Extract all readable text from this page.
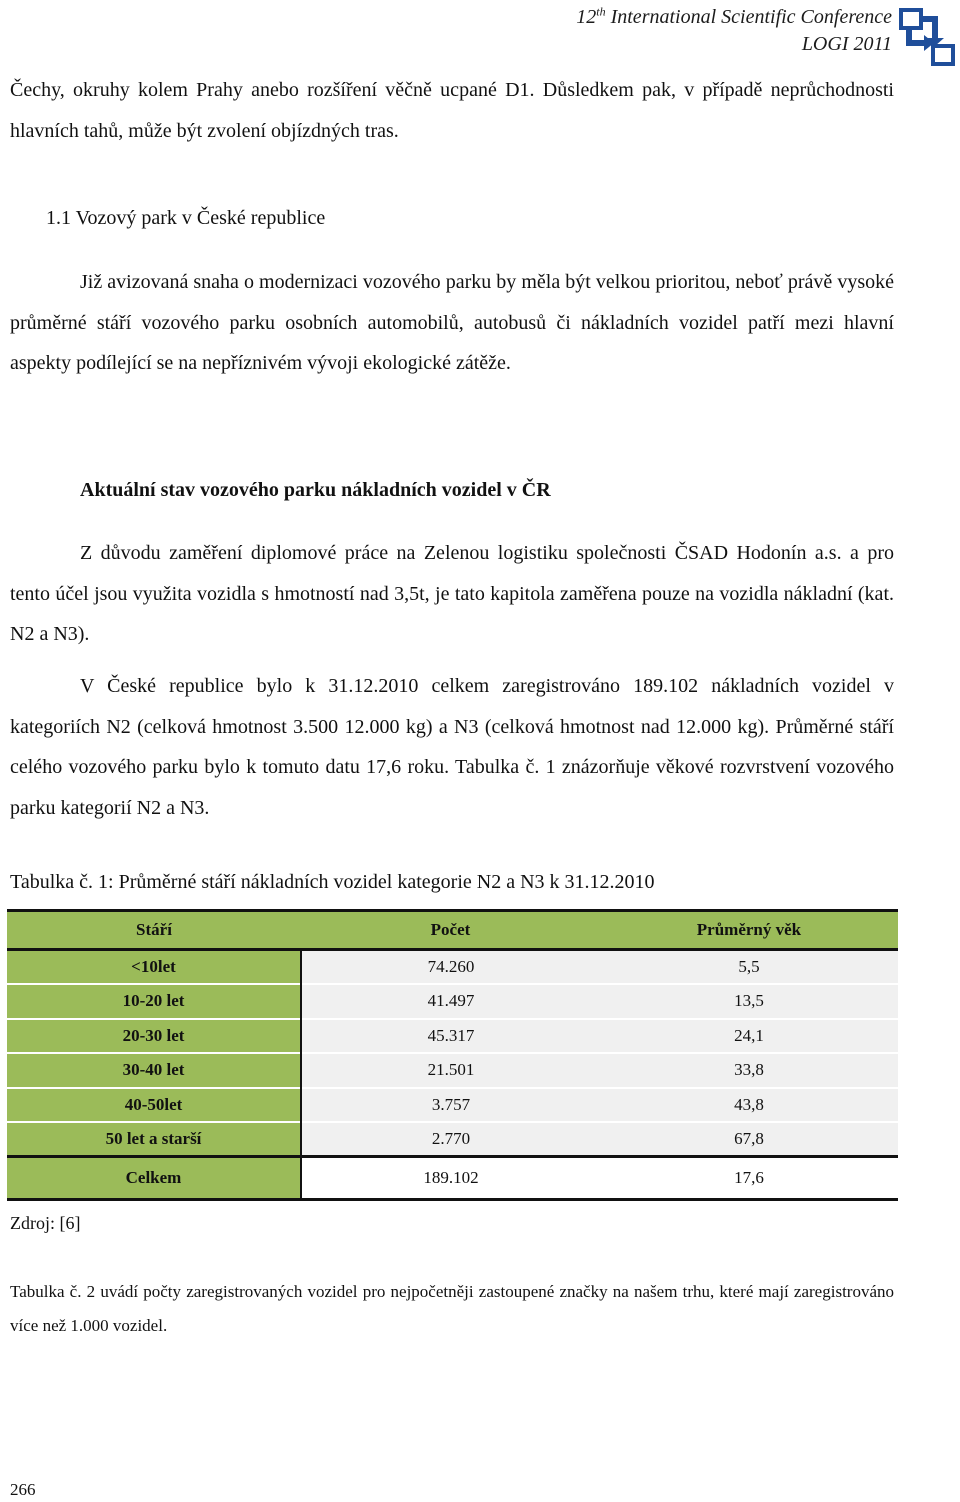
12th International Scientific Conference
LOGI 2011

Čechy, okruhy kolem Prahy anebo rozšíření věčně ucpané D1. Důsledkem pak, v případě neprůchodnosti hlavních tahů, může být zvolení objízdných tras.

1.1 Vozový park v České republice

Již avizovaná snaha o modernizaci vozového parku by měla být velkou prioritou, neboť právě vysoké průměrné stáří vozového parku osobních automobilů, autobusů či nákladních vozidel patří mezi hlavní aspekty podílející se na nepříznivém vývoji ekologické zátěže.

Aktuální stav vozového parku nákladních vozidel v ČR

Z důvodu zaměření diplomové práce na Zelenou logistiku společnosti ČSAD Hodonín a.s. a pro tento účel jsou využita vozidla s hmotností nad 3,5t, je tato kapitola zaměřena pouze na vozidla nákladní (kat. N2 a N3).

V České republice bylo k 31.12.2010 celkem zaregistrováno 189.102 nákladních vozidel v kategoriích N2 (celková hmotnost 3.500 12.000 kg) a N3 (celková hmotnost nad 12.000 kg). Průměrné stáří celého vozového parku bylo k tomuto datu 17,6 roku. Tabulka č. 1 znázorňuje věkové rozvrstvení vozového parku kategorií N2 a N3.

Tabulka č. 1: Průměrné stáří nákladních vozidel kategorie N2 a N3 k 31.12.2010
Stáří	Počet	Průměrný věk
<10let	74.260	5,5
10-20 let	41.497	13,5
20-30 let	45.317	24,1
30-40 let	21.501	33,8
40-50let	3.757	43,8
50 let a starší	2.770	67,8
Celkem	189.102	17,6
Zdroj: [6]

Tabulka č. 2 uvádí počty zaregistrovaných vozidel pro nejpočetněji zastoupené značky na našem trhu, které mají zaregistrováno více než 1.000 vozidel.

266
